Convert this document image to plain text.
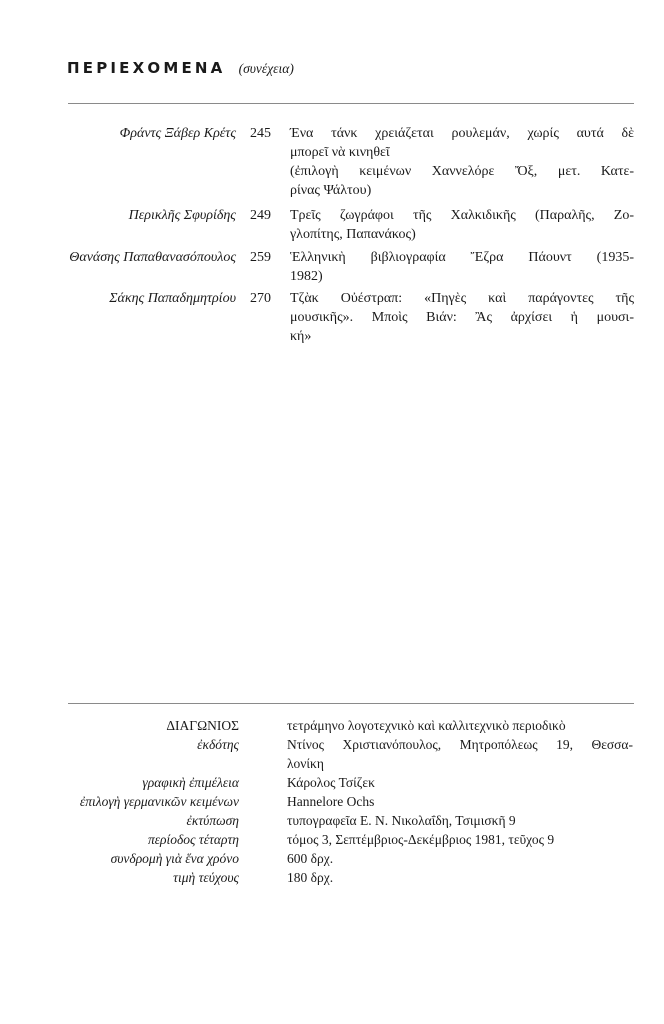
ΠΕΡΙΕΧΟΜΕΝΑ (συνέχεια)
Φράντς Ξάβερ Κρέτς 245	Ένα τάνκ χρειάζεται ρουλεμάν, χωρίς αυτά δὲ
μπορεῖ νὰ κινηθεῖ
(ἐπιλογὴ κειμένων Χαννελόρε Ὄξ, μετ. Κατε-
ρίνας Ψάλτου)
Περικλῆς Σφυρίδης 249	Τρεῖς ζωγράφοι τῆς Χαλκιδικῆς (Παραλῆς, Ζο-
γλοπίτης, Παπανάκος)
Θανάσης Παπαθανασόπουλος 259	Ἑλληνικὴ βιβλιογραφία Ἔζρα Πάουντ (1935-
1982)
Σάκης Παπαδημητρίου 270	Τζὰκ Οὐέστραπ: «Πηγὲς καὶ παράγοντες τῆς
μουσικῆς». Μποὶς Βιάν: Ἂς ἀρχίσει ἡ μουσι-
κή»
ΔΙΑΓΩΝΙΟΣ	τετράμηνο λογοτεχνικὸ καὶ καλλιτεχνικὸ περιοδικὸ
ἐκδότης	Ντίνος Χριστιανόπουλος, Μητροπόλεως 19, Θεσσα-
λονίκη
γραφικὴ ἐπιμέλεια	Κάρολος Τσίζεκ
ἐπιλογὴ γερμανικῶν κειμένων	Hannelore Ochs
ἐκτύπωση	τυπογραφεῖα Ε. Ν. Νικολαΐδη, Τσιμισκῆ 9
περίοδος τέταρτη	τόμος 3, Σεπτέμβριος-Δεκέμβριος 1981, τεῦχος 9
συνδρομὴ γιὰ ἕνα χρόνο	600 δρχ.
τιμὴ τεύχους	180 δρχ.
